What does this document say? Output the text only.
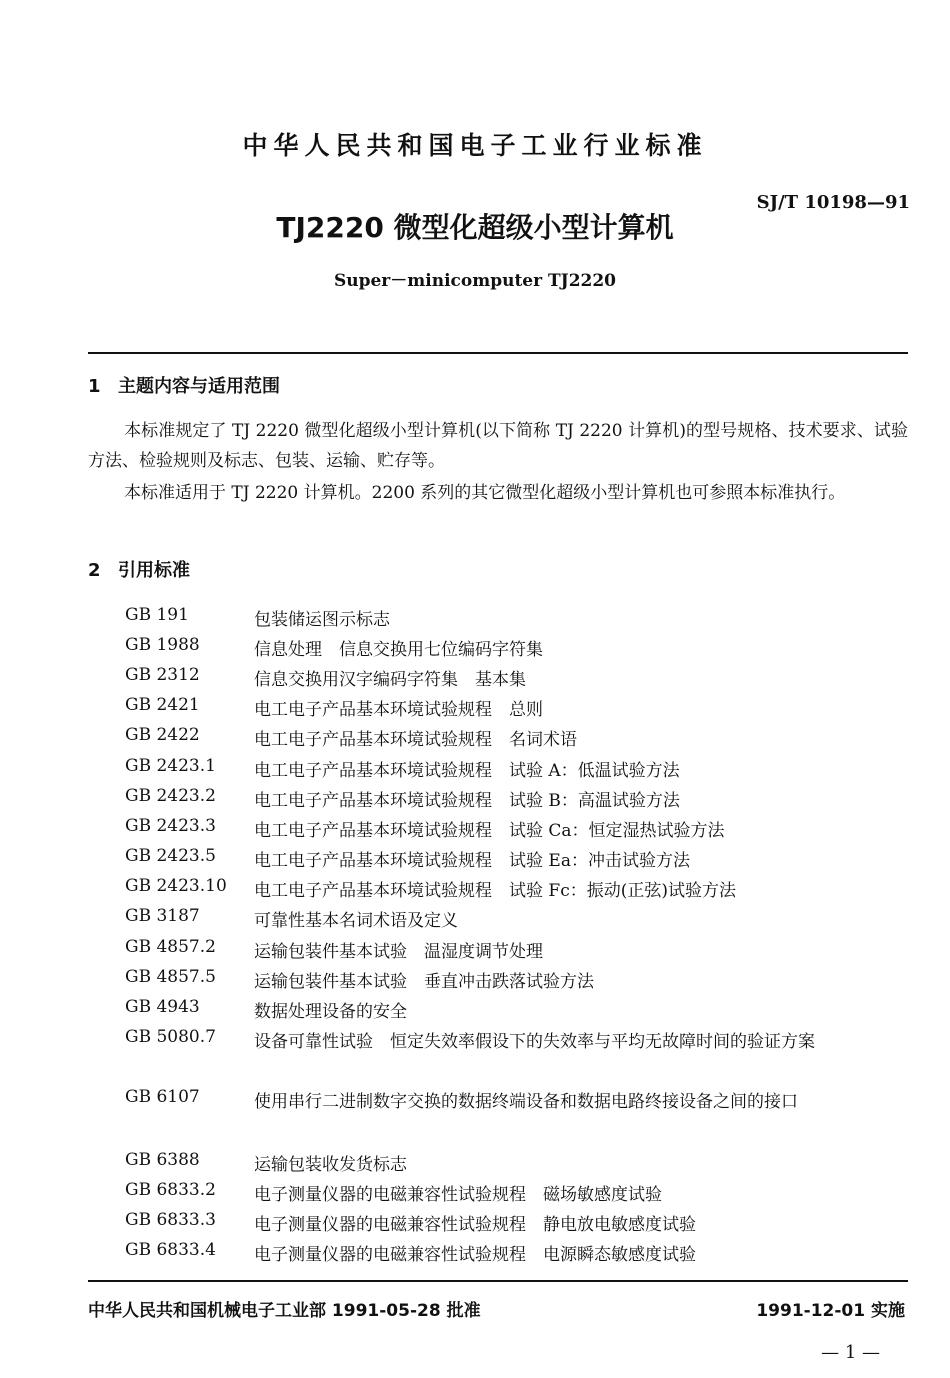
中华人民共和国电子工业行业标准
SJ/T 10198—91
TJ2220 微型化超级小型计算机
Super－minicomputer TJ2220
1 主题内容与适用范围
本标准规定了 TJ 2220 微型化超级小型计算机(以下简称 TJ 2220 计算机)的型号规格、技术要求、试验方法、检验规则及标志、包装、运输、贮存等。
本标准适用于 TJ 2220 计算机。2200 系列的其它微型化超级小型计算机也可参照本标准执行。
2 引用标准
GB 191	包装储运图示标志
GB 1988	信息处理　信息交换用七位编码字符集
GB 2312	信息交换用汉字编码字符集　基本集
GB 2421	电工电子产品基本环境试验规程　总则
GB 2422	电工电子产品基本环境试验规程　名词术语
GB 2423.1 电工电子产品基本环境试验规程　试验 A：低温试验方法
GB 2423.2 电工电子产品基本环境试验规程　试验 B：高温试验方法
GB 2423.3 电工电子产品基本环境试验规程　试验 Ca：恒定湿热试验方法
GB 2423.5 电工电子产品基本环境试验规程　试验 Ea：冲击试验方法
GB 2423.10 电工电子产品基本环境试验规程　试验 Fc：振动(正弦)试验方法
GB 3187	可靠性基本名词术语及定义
GB 4857.2 运输包装件基本试验　温湿度调节处理
GB 4857.5 运输包装件基本试验　垂直冲击跌落试验方法
GB 4943	数据处理设备的安全
GB 5080.7 设备可靠性试验　恒定失效率假设下的失效率与平均无故障时间的验证方案
GB 6107	使用串行二进制数字交换的数据终端设备和数据电路终接设备之间的接口
GB 6388	运输包装收发货标志
GB 6833.2 电子测量仪器的电磁兼容性试验规程　磁场敏感度试验
GB 6833.3 电子测量仪器的电磁兼容性试验规程　静电放电敏感度试验
GB 6833.4 电子测量仪器的电磁兼容性试验规程　电源瞬态敏感度试验
中华人民共和国机械电子工业部 1991-05-28 批准	1991-12-01 实施
— 1 —
